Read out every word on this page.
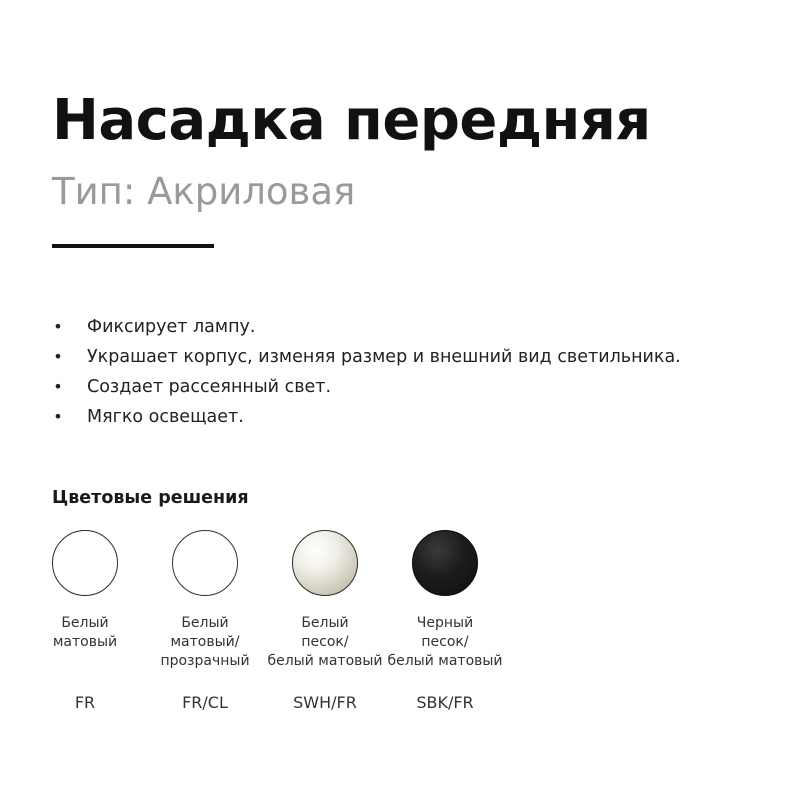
Насадка передняя
Тип: Акриловая
• Фиксирует лампу.
• Украшает корпус, изменяя размер и внешний вид светильника.
• Создает рассеянный свет.
• Мягко освещает.
Цветовые решения
Белый
матовый
FR
Белый
матовый/
прозрачный
FR/CL
Белый
песок/
белый матовый
SWH/FR
Черный
песок/
белый матовый
SBK/FR
